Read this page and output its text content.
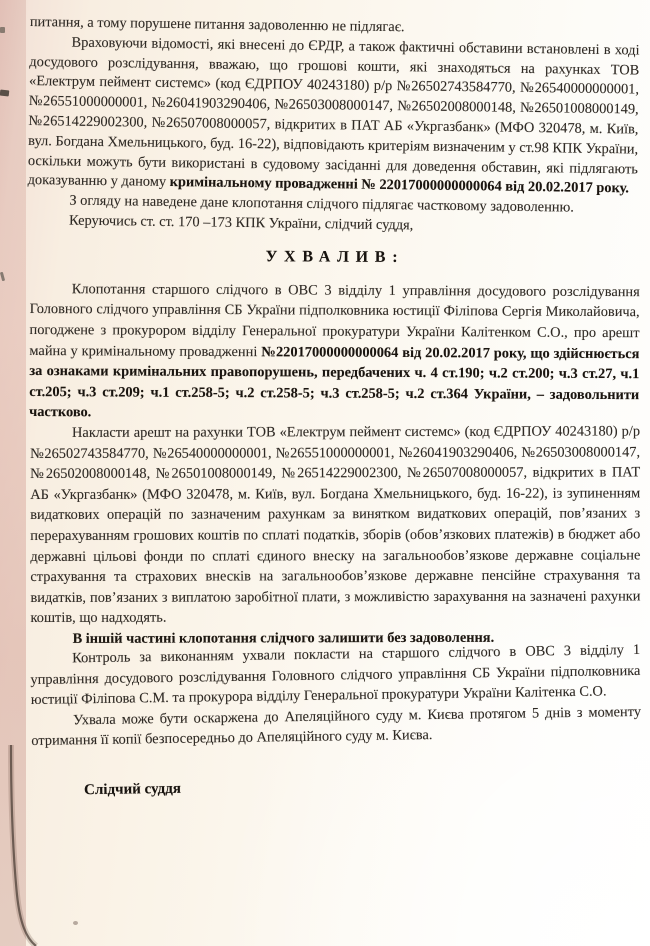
питання, а тому порушене питання задоволенню не підлягає.

Враховуючи відомості, які внесені до ЄРДР, а також фактичні обставини встановлені в ході досудового розслідування, вважаю, що грошові кошти, які знаходяться на рахунках ТОВ «Електрум пеймент системс» (код ЄДРПОУ 40243180) р/р №26502743584770, №26540000000001, №26551000000001, №26041903290406, №26503008000147, №26502008000148, №26501008000149, №26514229002300, №26507008000057, відкритих в ПАТ АБ «Укргазбанк» (МФО 320478, м. Київ, вул. Богдана Хмельницького, буд. 16-22), відповідають критеріям визначеним у ст.98 КПК України, оскільки можуть бути використані в судовому засіданні для доведення обставин, які підлягають доказуванню у даному кримінальному провадженні № 22017000000000064 від 20.02.2017 року.

З огляду на наведене дане клопотання слідчого підлягає частковому задоволенню.

Керуючись ст. ст. 170 –173 КПК України, слідчий суддя,

УХВАЛИВ:

Клопотання старшого слідчого в ОВС 3 відділу 1 управління досудового розслідування Головного слідчого управління СБ України підполковника юстиції Філіпова Сергія Миколайовича, погоджене з прокурором відділу Генеральної прокуратури України Калітенком С.О., про арешт майна у кримінальному провадженні №22017000000000064 від 20.02.2017 року, що здійснюється за ознаками кримінальних правопорушень, передбачених ч. 4 ст.190; ч.2 ст.200; ч.3 ст.27, ч.1 ст.205; ч.3 ст.209; ч.1 ст.258-5; ч.2 ст.258-5; ч.3 ст.258-5; ч.2 ст.364 України, – задовольнити частково.

Накласти арешт на рахунки ТОВ «Електрум пеймент системс» (код ЄДРПОУ 40243180) р/р №26502743584770, №26540000000001, №26551000000001, №26041903290406, №26503008000147, №26502008000148, №26501008000149, №26514229002300, №26507008000057, відкритих в ПАТ АБ «Укргазбанк» (МФО 320478, м. Київ, вул. Богдана Хмельницького, буд. 16-22), із зупиненням видаткових операцій по зазначеним рахункам за винятком видаткових операцій, пов’язаних з перерахуванням грошових коштів по сплаті податків, зборів (обов’язкових платежів) в бюджет або державні цільові фонди по сплаті єдиного внеску на загальнообов’язкове державне соціальне страхування та страхових внесків на загальнообов’язкове державне пенсійне страхування та видатків, пов’язаних з виплатою заробітної плати, з можливістю зарахування на зазначені рахунки коштів, що надходять.

В іншій частині клопотання слідчого залишити без задоволення.

Контроль за виконанням ухвали покласти на старшого слідчого в ОВС 3 відділу 1 управління досудового розслідування Головного слідчого управління СБ України підполковника юстиції Філіпова С.М. та прокурора відділу Генеральної прокуратури України Калітенка С.О.

Ухвала може бути оскаржена до Апеляційного суду м. Києва протягом 5 днів з моменту отримання її копії безпосередньо до Апеляційного суду м. Києва.

Слідчий суддя
